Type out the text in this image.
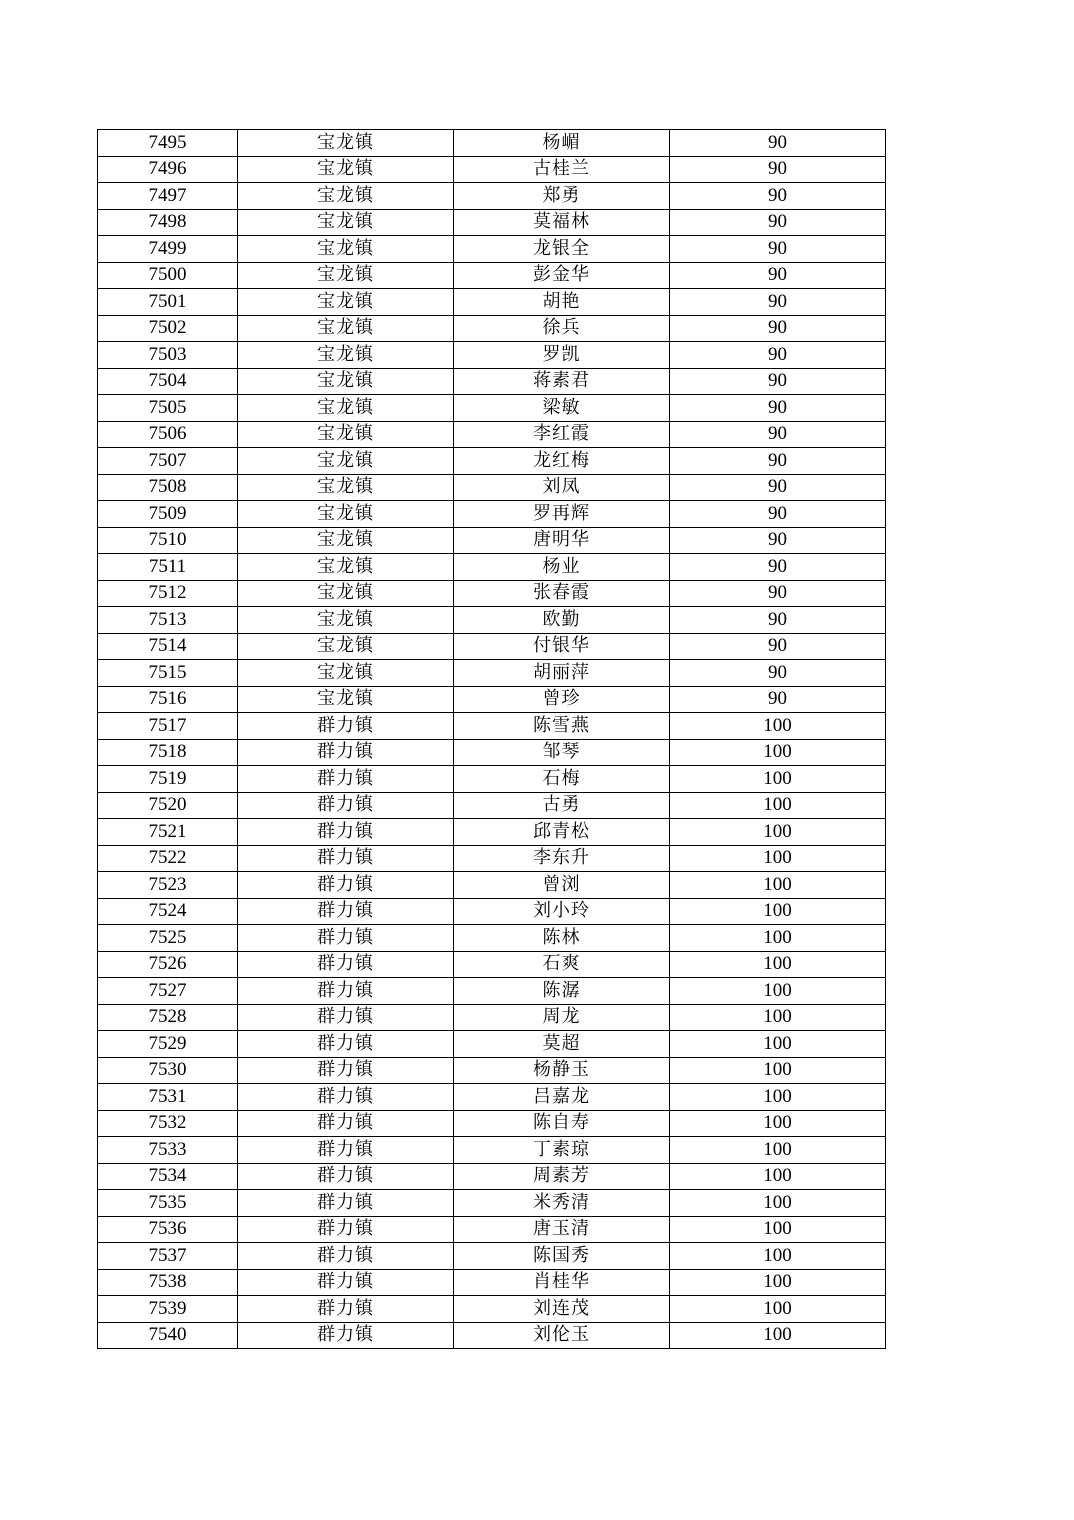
7495	宝龙镇	杨嵋	90
7496	宝龙镇	古桂兰	90
7497	宝龙镇	郑勇	90
7498	宝龙镇	莫福林	90
7499	宝龙镇	龙银全	90
7500	宝龙镇	彭金华	90
7501	宝龙镇	胡艳	90
7502	宝龙镇	徐兵	90
7503	宝龙镇	罗凯	90
7504	宝龙镇	蒋素君	90
7505	宝龙镇	梁敏	90
7506	宝龙镇	李红霞	90
7507	宝龙镇	龙红梅	90
7508	宝龙镇	刘凤	90
7509	宝龙镇	罗再辉	90
7510	宝龙镇	唐明华	90
7511	宝龙镇	杨业	90
7512	宝龙镇	张春霞	90
7513	宝龙镇	欧勤	90
7514	宝龙镇	付银华	90
7515	宝龙镇	胡丽萍	90
7516	宝龙镇	曾珍	90
7517	群力镇	陈雪燕	100
7518	群力镇	邹琴	100
7519	群力镇	石梅	100
7520	群力镇	古勇	100
7521	群力镇	邱青松	100
7522	群力镇	李东升	100
7523	群力镇	曾浏	100
7524	群力镇	刘小玲	100
7525	群力镇	陈林	100
7526	群力镇	石爽	100
7527	群力镇	陈潺	100
7528	群力镇	周龙	100
7529	群力镇	莫超	100
7530	群力镇	杨静玉	100
7531	群力镇	吕嘉龙	100
7532	群力镇	陈自寿	100
7533	群力镇	丁素琼	100
7534	群力镇	周素芳	100
7535	群力镇	米秀清	100
7536	群力镇	唐玉清	100
7537	群力镇	陈国秀	100
7538	群力镇	肖桂华	100
7539	群力镇	刘连茂	100
7540	群力镇	刘伦玉	100
